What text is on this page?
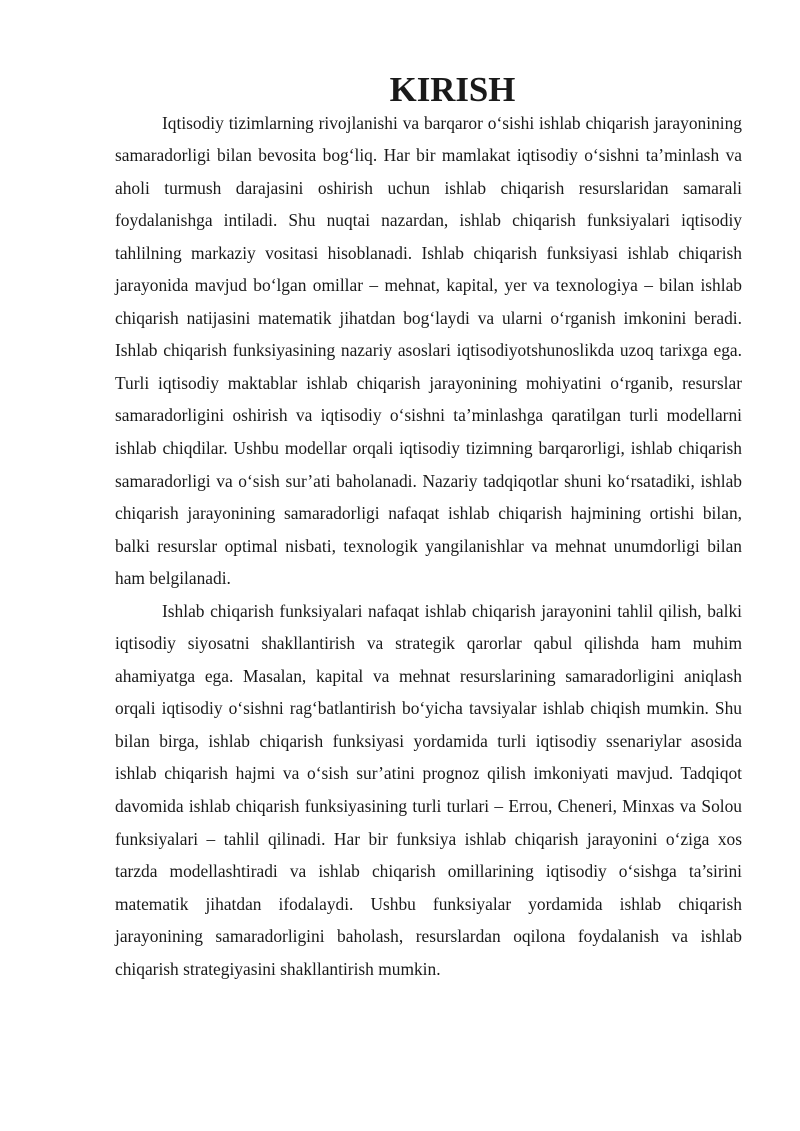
KIRISH

Iqtisodiy tizimlarning rivojlanishi va barqaror o‘sishi ishlab chiqarish jarayonining samaradorligi bilan bevosita bog‘liq. Har bir mamlakat iqtisodiy o‘sishni ta’minlash va aholi turmush darajasini oshirish uchun ishlab chiqarish resurslaridan samarali foydalanishga intiladi. Shu nuqtai nazardan, ishlab chiqarish funksiyalari iqtisodiy tahlilning markaziy vositasi hisoblanadi. Ishlab chiqarish funksiyasi ishlab chiqarish jarayonida mavjud bo‘lgan omillar – mehnat, kapital, yer va texnologiya – bilan ishlab chiqarish natijasini matematik jihatdan bog‘laydi va ularni o‘rganish imkonini beradi. Ishlab chiqarish funksiyasining nazariy asoslari iqtisodiyotshunoslikda uzoq tarixga ega. Turli iqtisodiy maktablar ishlab chiqarish jarayonining mohiyatini o‘rganib, resurslar samaradorligini oshirish va iqtisodiy o‘sishni ta’minlashga qaratilgan turli modellarni ishlab chiqdilar. Ushbu modellar orqali iqtisodiy tizimning barqarorligi, ishlab chiqarish samaradorligi va o‘sish sur’ati baholanadi. Nazariy tadqiqotlar shuni ko‘rsatadiki, ishlab chiqarish jarayonining samaradorligi nafaqat ishlab chiqarish hajmining ortishi bilan, balki resurslar optimal nisbati, texnologik yangilanishlar va mehnat unumdorligi bilan ham belgilanadi.

Ishlab chiqarish funksiyalari nafaqat ishlab chiqarish jarayonini tahlil qilish, balki iqtisodiy siyosatni shakllantirish va strategik qarorlar qabul qilishda ham muhim ahamiyatga ega. Masalan, kapital va mehnat resurslarining samaradorligini aniqlash orqali iqtisodiy o‘sishni rag‘batlantirish bo‘yicha tavsiyalar ishlab chiqish mumkin. Shu bilan birga, ishlab chiqarish funksiyasi yordamida turli iqtisodiy ssenariylar asosida ishlab chiqarish hajmi va o‘sish sur’atini prognoz qilish imkoniyati mavjud. Tadqiqot davomida ishlab chiqarish funksiyasining turli turlari – Errou, Cheneri, Minxas va Solou funksiyalari – tahlil qilinadi. Har bir funksiya ishlab chiqarish jarayonini o‘ziga xos tarzda modellashtiradi va ishlab chiqarish omillarining iqtisodiy o‘sishga ta’sirini matematik jihatdan ifodalaydi. Ushbu funksiyalar yordamida ishlab chiqarish jarayonining samaradorligini baholash, resurslardan oqilona foydalanish va ishlab chiqarish strategiyasini shakllantirish mumkin.
